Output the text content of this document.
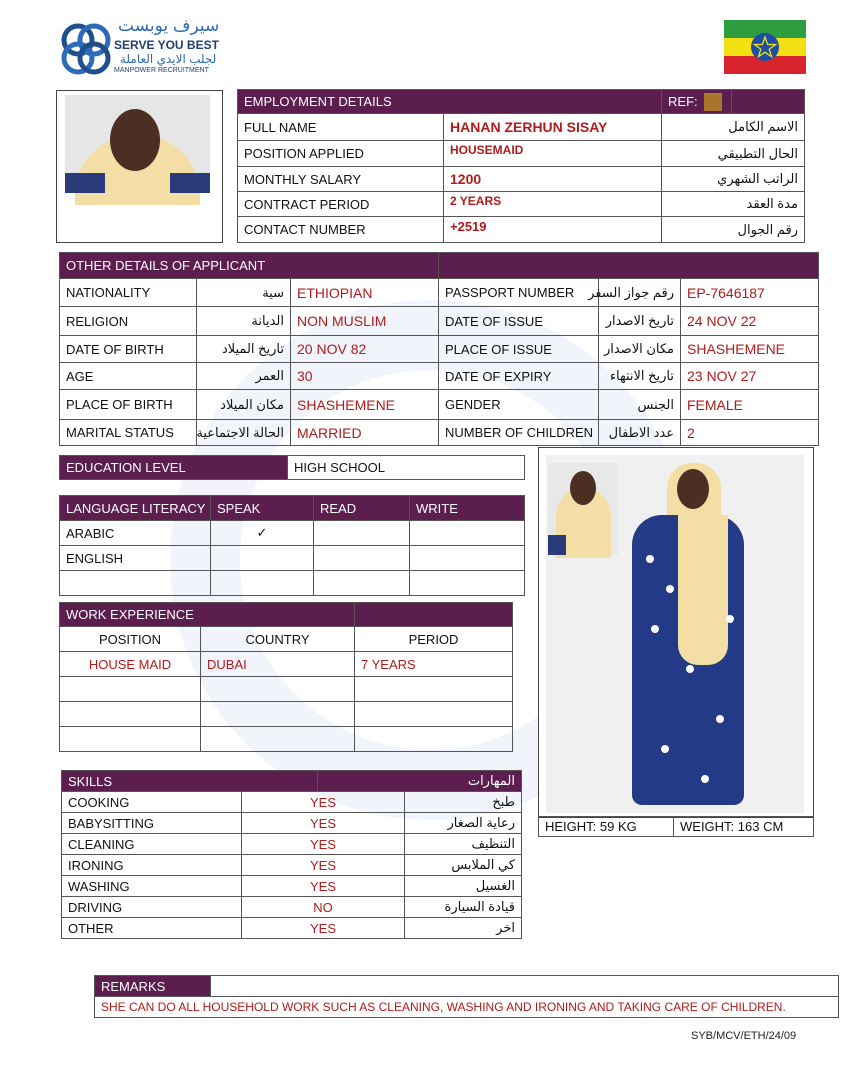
سيرف يوبست
SERVE YOU BEST
لجلب الايدي العاملة
MANPOWER RECRUITMENT
EMPLOYMENT DETAILS		REF:	
FULL NAME	HANAN ZERHUN SISAY	الاسم الكامل	
POSITION APPLIED	HOUSEMAID	الحال التطبيقي	
MONTHLY SALARY	1200	الراتب الشهري	
CONTRACT PERIOD	2 YEARS	مدة العقد	
CONTACT NUMBER	+2519	رقم الجوال	
OTHER DETAILS OF APPLICANT	
NATIONALITY	سية	ETHIOPIAN	PASSPORT NUMBER	رقم جواز السفر	EP-7646187
RELIGION	الديانة	NON MUSLIM	DATE OF ISSUE	تاريخ الاصدار	24 NOV 22
DATE OF BIRTH	تاريخ الميلاد	20 NOV 82	PLACE OF ISSUE	مكان الاصدار	SHASHEMENE
AGE	العمر	30	DATE OF EXPIRY	تاريخ الانتهاء	23 NOV 27
PLACE OF BIRTH	مكان الميلاد	SHASHEMENE	GENDER	الجنس	FEMALE
MARITAL STATUS	الحالة الاجتماعية	MARRIED	NUMBER OF CHILDREN	عدد الاطفال	2
EDUCATION LEVEL	HIGH SCHOOL
LANGUAGE LITERACY	SPEAK	READ	WRITE
ARABIC	✓		
ENGLISH			

WORK EXPERIENCE		
POSITION	COUNTRY	PERIOD
HOUSE MAID	DUBAI	7 YEARS

SKILLS	المهارات
COOKING	YES	طبخ
BABYSITTING	YES	رعاية الصغار
CLEANING	YES	التنظيف
IRONING	YES	كي الملابس
WASHING	YES	الغسيل
DRIVING	NO	قيادة السيارة
OTHER	YES	اخر
HEIGHT: 59 KG	WEIGHT: 163 CM
REMARKS	
SHE CAN DO ALL HOUSEHOLD WORK SUCH AS CLEANING, WASHING AND IRONING AND TAKING CARE OF CHILDREN.
SYB/MCV/ETH/24/09
